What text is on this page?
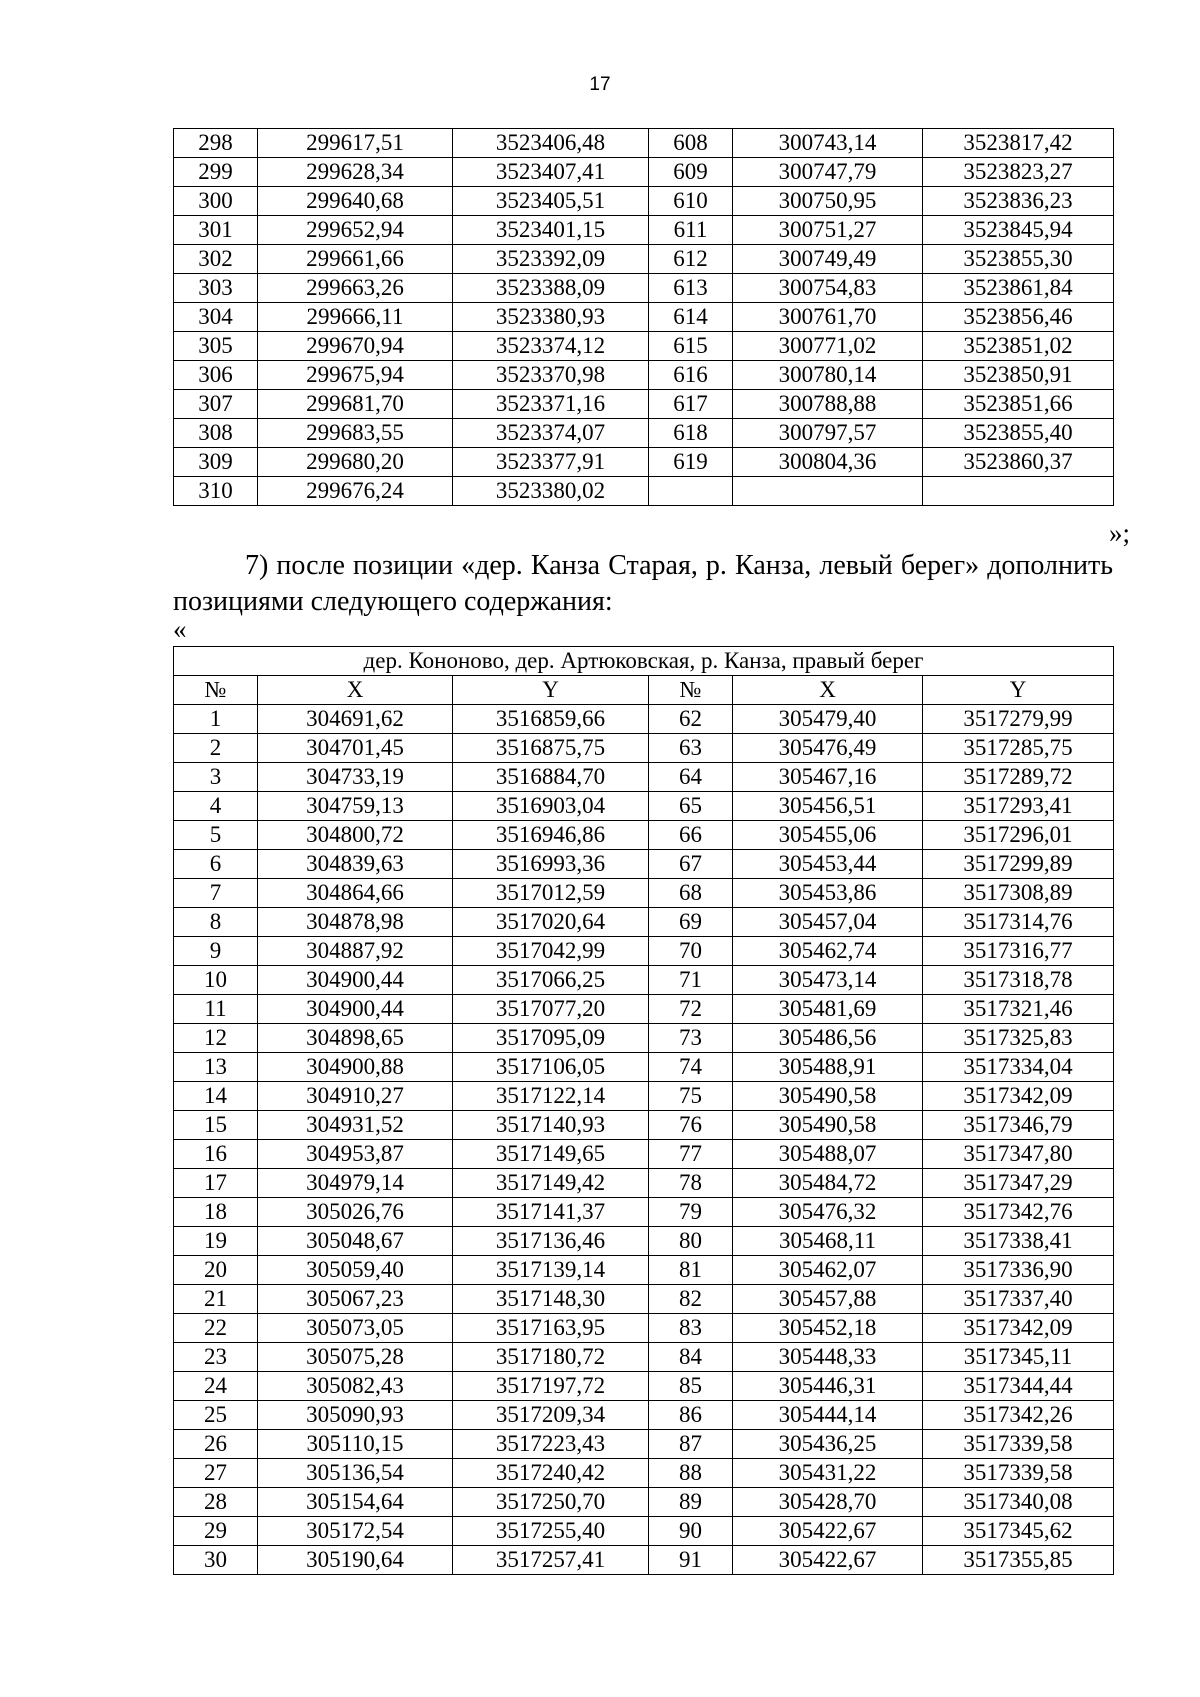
17
298	299617,51	3523406,48	608	300743,14	3523817,42
299	299628,34	3523407,41	609	300747,79	3523823,27
300	299640,68	3523405,51	610	300750,95	3523836,23
301	299652,94	3523401,15	611	300751,27	3523845,94
302	299661,66	3523392,09	612	300749,49	3523855,30
303	299663,26	3523388,09	613	300754,83	3523861,84
304	299666,11	3523380,93	614	300761,70	3523856,46
305	299670,94	3523374,12	615	300771,02	3523851,02
306	299675,94	3523370,98	616	300780,14	3523850,91
307	299681,70	3523371,16	617	300788,88	3523851,66
308	299683,55	3523374,07	618	300797,57	3523855,40
309	299680,20	3523377,91	619	300804,36	3523860,37
310	299676,24	3523380,02			
»;
7) после позиции «дер. Канза Старая, р. Канза, левый берег» дополнить
позициями следующего содержания:
«
дер. Кононово, дер. Артюковская, р. Канза, правый берег					
№	X	Y	№	X	Y
1	304691,62	3516859,66	62	305479,40	3517279,99
2	304701,45	3516875,75	63	305476,49	3517285,75
3	304733,19	3516884,70	64	305467,16	3517289,72
4	304759,13	3516903,04	65	305456,51	3517293,41
5	304800,72	3516946,86	66	305455,06	3517296,01
6	304839,63	3516993,36	67	305453,44	3517299,89
7	304864,66	3517012,59	68	305453,86	3517308,89
8	304878,98	3517020,64	69	305457,04	3517314,76
9	304887,92	3517042,99	70	305462,74	3517316,77
10	304900,44	3517066,25	71	305473,14	3517318,78
11	304900,44	3517077,20	72	305481,69	3517321,46
12	304898,65	3517095,09	73	305486,56	3517325,83
13	304900,88	3517106,05	74	305488,91	3517334,04
14	304910,27	3517122,14	75	305490,58	3517342,09
15	304931,52	3517140,93	76	305490,58	3517346,79
16	304953,87	3517149,65	77	305488,07	3517347,80
17	304979,14	3517149,42	78	305484,72	3517347,29
18	305026,76	3517141,37	79	305476,32	3517342,76
19	305048,67	3517136,46	80	305468,11	3517338,41
20	305059,40	3517139,14	81	305462,07	3517336,90
21	305067,23	3517148,30	82	305457,88	3517337,40
22	305073,05	3517163,95	83	305452,18	3517342,09
23	305075,28	3517180,72	84	305448,33	3517345,11
24	305082,43	3517197,72	85	305446,31	3517344,44
25	305090,93	3517209,34	86	305444,14	3517342,26
26	305110,15	3517223,43	87	305436,25	3517339,58
27	305136,54	3517240,42	88	305431,22	3517339,58
28	305154,64	3517250,70	89	305428,70	3517340,08
29	305172,54	3517255,40	90	305422,67	3517345,62
30	305190,64	3517257,41	91	305422,67	3517355,85
